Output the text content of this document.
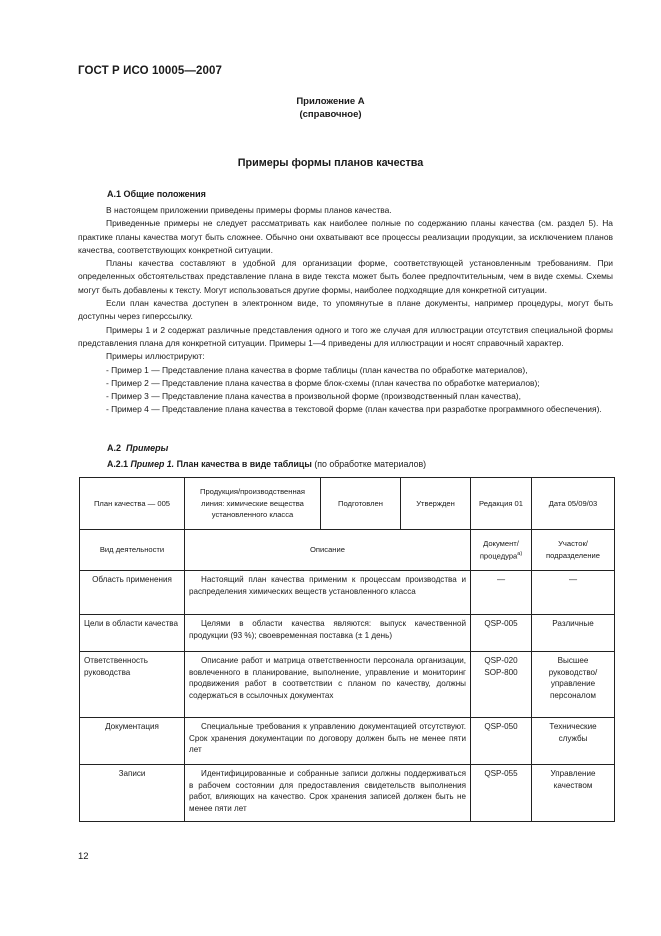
ГОСТ Р ИСО 10005—2007
Приложение А
(справочное)
Примеры формы планов качества
А.1 Общие положения

В настоящем приложении приведены примеры формы планов качества.

Приведенные примеры не следует рассматривать как наиболее полные по содержанию планы качества (см. раздел 5). На практике планы качества могут быть сложнее. Обычно они охватывают все процессы реализации продукции, за исключением планов качества, соответствующих конкретной ситуации.

Планы качества составляют в удобной для организации форме, соответствующей установленным требованиям. При определенных обстоятельствах представление плана в виде текста может быть более предпочтительным, чем в виде схемы. Схемы могут быть добавлены к тексту. Могут использоваться другие формы, наиболее подходящие для конкретной ситуации.

Если план качества доступен в электронном виде, то упомянутые в плане документы, например процедуры, могут быть доступны через гиперссылку.

Примеры 1 и 2 содержат различные представления одного и того же случая для иллюстрации отсутствия специальной формы представления плана для конкретной ситуации. Примеры 1—4 приведены для иллюстрации и носят справочный характер.

Примеры иллюстрируют:

- Пример 1 — Представление плана качества в форме таблицы (план качества по обработке материалов),

- Пример 2 — Представление плана качества в форме блок-схемы (план качества по обработке материалов);

- Пример 3 — Представление плана качества в произвольной форме (производственный план качества),

- Пример 4 — Представление плана качества в текстовой форме (план качества при разработке программного обеспечения).

А.2 Примеры
А.2.1 Пример 1. План качества в виде таблицы (по обработке материалов)
План качества — 005	Продукция/производственная линия: химические вещества установленного класса	Подготовлен	Утвержден	Редакция 01	Дата 05/09/03
Вид деятельности	Описание			Документ/ процедура$^{а)}$	Участок/ подразделение
Область применения	Настоящий план качества применим к процессам производства и распределения химических веществ установленного класса			—	—
Цели в области качества	Целями в области качества являются: выпуск качественной продукции (93 %); своевременная поставка (± 1 день)			QSP-005	Различные
Ответственность руководства	Описание работ и матрица ответственности персонала организации, вовлеченного в планирование, выполнение, управление и мониторинг продвижения работ в соответствии с планом по качеству, должны содержаться в ссылочных документах			QSP-020 SOP-800	Высшее руководство/ управление персоналом
Документация	Специальные требования к управлению документацией отсутствуют. Срок хранения документации по договору должен быть не менее пяти лет			QSP-050	Технические службы
Записи	Идентифицированные и собранные записи должны поддерживаться в рабочем состоянии для предоставления свидетельств выполнения работ, влияющих на качество. Срок хранения записей должен быть не менее пяти лет			QSP-055	Управление качеством
12
